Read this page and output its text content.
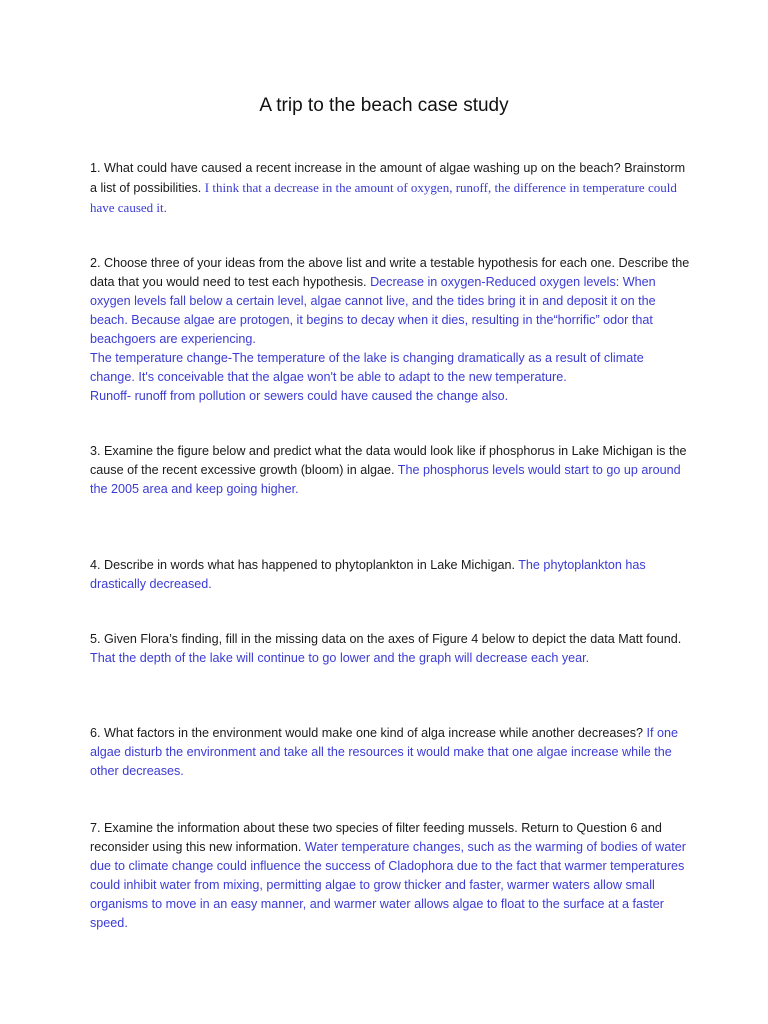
A trip to the beach case study

1. What could have caused a recent increase in the amount of algae washing up on the beach? Brainstorm a list of possibilities. I think that a decrease in the amount of oxygen, runoff, the difference in temperature could have caused it.

2. Choose three of your ideas from the above list and write a testable hypothesis for each one. Describe the data that you would need to test each hypothesis. Decrease in oxygen-Reduced oxygen levels: When oxygen levels fall below a certain level, algae cannot live, and the tides bring it in and deposit it on the beach. Because algae are protogen, it begins to decay when it dies, resulting in the“horrific” odor that beachgoers are experiencing.
The temperature change-The temperature of the lake is changing dramatically as a result of climate change. It's conceivable that the algae won't be able to adapt to the new temperature.
Runoff- runoff from pollution or sewers could have caused the change also.

3. Examine the figure below and predict what the data would look like if phosphorus in Lake Michigan is the cause of the recent excessive growth (bloom) in algae. The phosphorus levels would start to go up around the 2005 area and keep going higher.

4. Describe in words what has happened to phytoplankton in Lake Michigan. The phytoplankton has drastically decreased.

5. Given Flora’s finding, fill in the missing data on the axes of Figure 4 below to depict the data Matt found. That the depth of the lake will continue to go lower and the graph will decrease each year.

6. What factors in the environment would make one kind of alga increase while another decreases? If one algae disturb the environment and take all the resources it would make that one algae increase while the other decreases.

7. Examine the information about these two species of filter feeding mussels. Return to Question 6 and reconsider using this new information. Water temperature changes, such as the warming of bodies of water due to climate change could influence the success of Cladophora due to the fact that warmer temperatures could inhibit water from mixing, permitting algae to grow thicker and faster, warmer waters allow small organisms to move in an easy manner, and warmer water allows algae to float to the surface at a faster speed.
